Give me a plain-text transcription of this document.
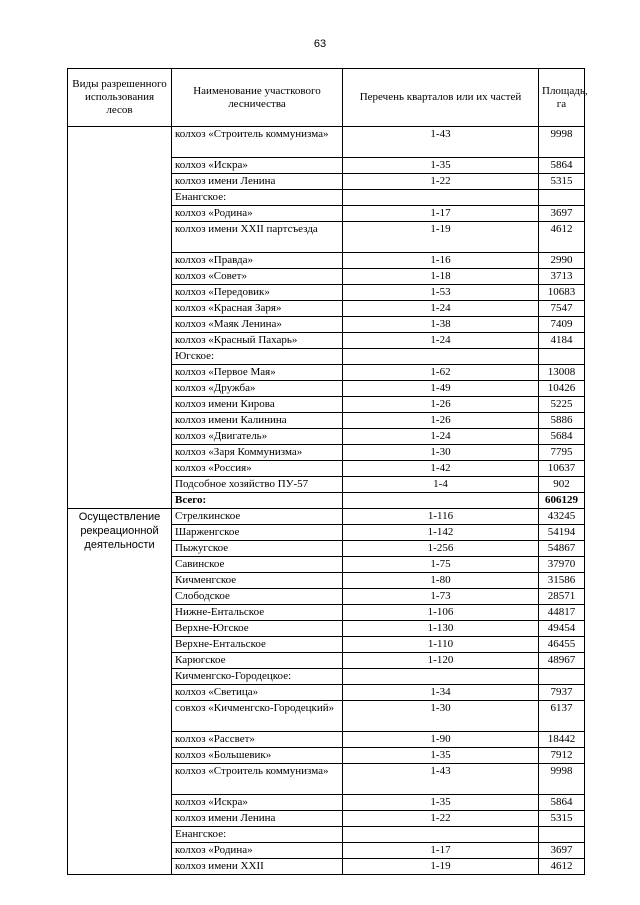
63
Виды разрешенного использования лесов	Наименование участкового лесничества	Перечень кварталов или их частей	Площадь, га
	колхоз «Строитель коммунизма»	1-43	9998
	колхоз «Искра»	1-35	5864
	колхоз имени Ленина	1-22	5315
	Енангское:		
	колхоз «Родина»	1-17	3697
	колхоз имени XXII партсъезда	1-19	4612
	колхоз «Правда»	1-16	2990
	колхоз «Совет»	1-18	3713
	колхоз «Передовик»	1-53	10683
	колхоз «Красная Заря»	1-24	7547
	колхоз «Маяк Ленина»	1-38	7409
	колхоз «Красный Пахарь»	1-24	4184
	Югское:		
	колхоз «Первое Мая»	1-62	13008
	колхоз «Дружба»	1-49	10426
	колхоз имени Кирова	1-26	5225
	колхоз имени Калинина	1-26	5886
	колхоз «Двигатель»	1-24	5684
	колхоз «Заря Коммунизма»	1-30	7795
	колхоз «Россия»	1-42	10637
	Подсобное хозяйство ПУ-57	1-4	902
	Всего:		606129
Осуществление рекреационной деятельности	Стрелкинское	1-116	43245
	Шарженгское	1-142	54194
	Пыжугское	1-256	54867
	Савинское	1-75	37970
	Кичменгское	1-80	31586
	Слободское	1-73	28571
	Нижне-Ентальское	1-106	44817
	Верхне-Югское	1-130	49454
	Верхне-Ентальское	1-110	46455
	Карюгское	1-120	48967
	Кичменгско-Городецкое:		
	колхоз «Светица»	1-34	7937
	совхоз «Кичменгско-Городецкий»	1-30	6137
	колхоз «Рассвет»	1-90	18442
	колхоз «Большевик»	1-35	7912
	колхоз «Строитель коммунизма»	1-43	9998
	колхоз «Искра»	1-35	5864
	колхоз имени Ленина	1-22	5315
	Енангское:		
	колхоз «Родина»	1-17	3697
	колхоз имени XXII	1-19	4612
